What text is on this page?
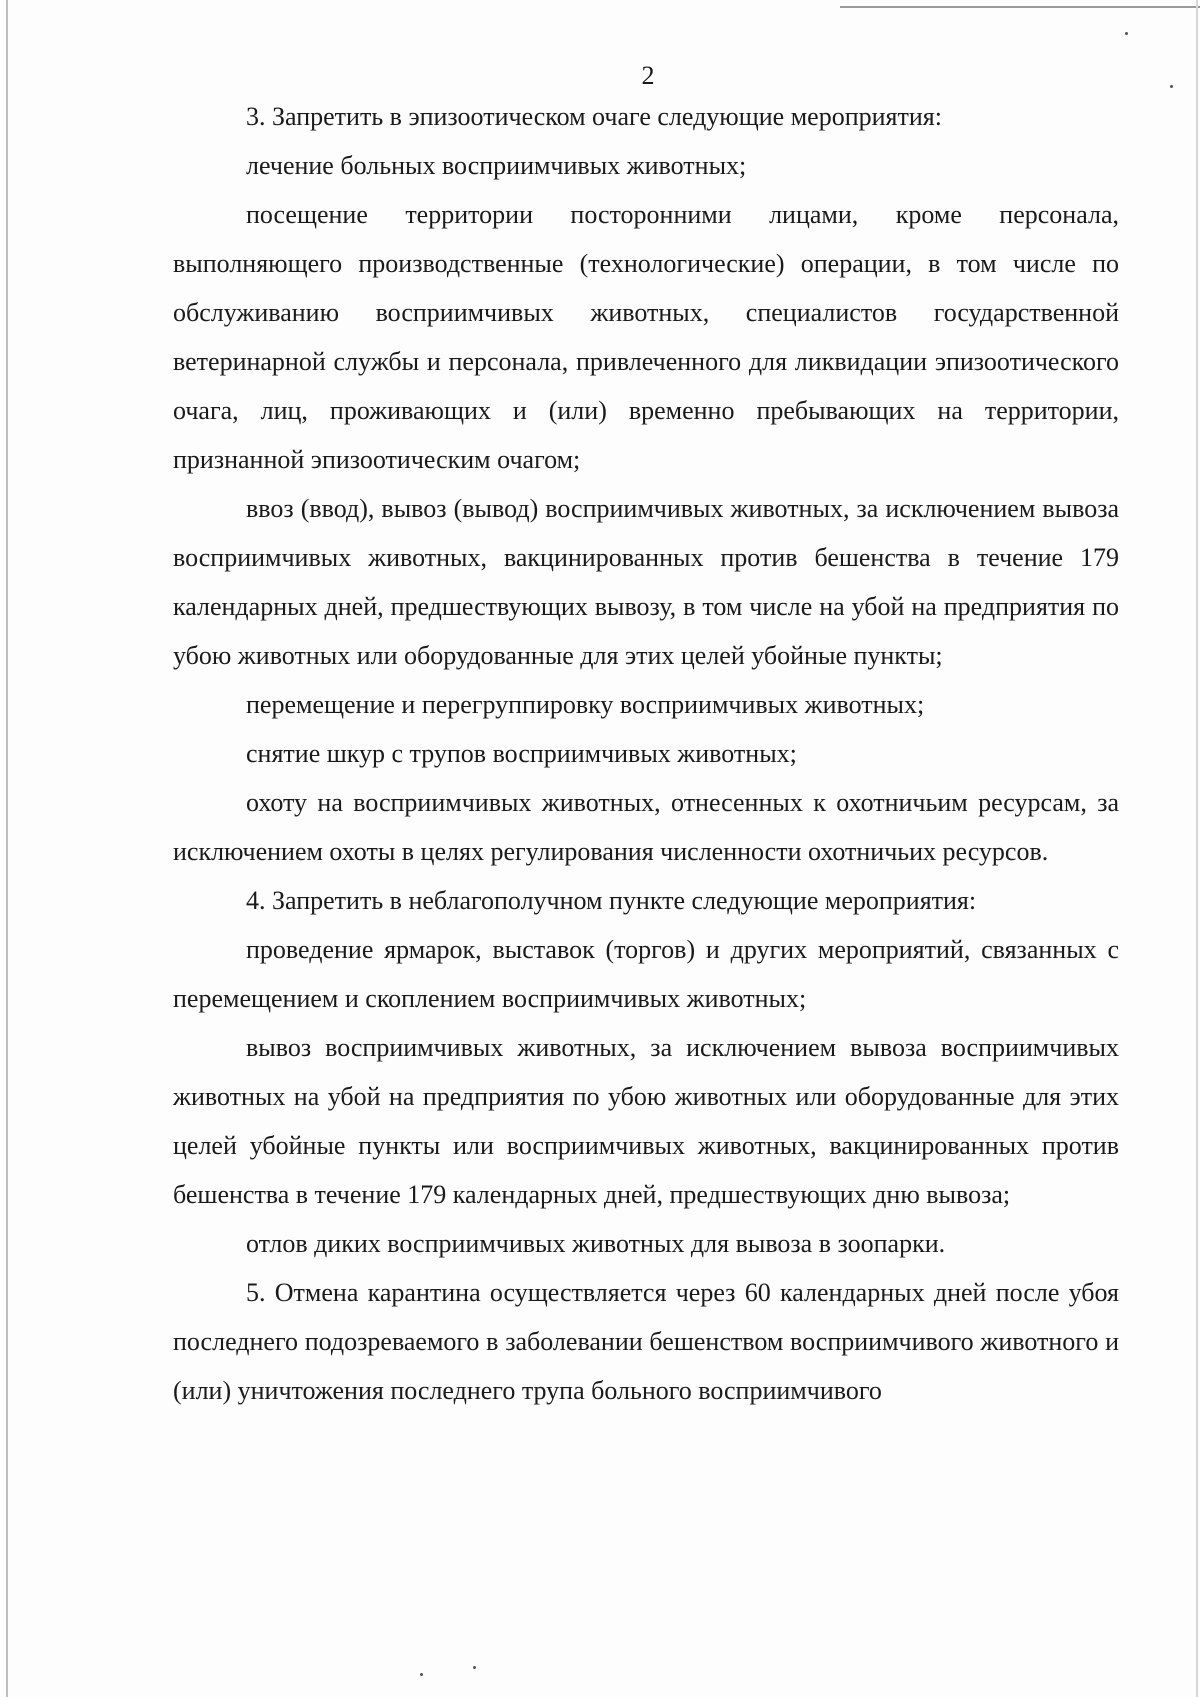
2

3. Запретить в эпизоотическом очаге следующие мероприятия:

лечение больных восприимчивых животных;

посещение территории посторонними лицами, кроме персонала, выполняющего производственные (технологические) операции, в том числе по обслуживанию восприимчивых животных, специалистов государственной ветеринарной службы и персонала, привлеченного для ликвидации эпизоотического очага, лиц, проживающих и (или) временно пребывающих на территории, признанной эпизоотическим очагом;

ввоз (ввод), вывоз (вывод) восприимчивых животных, за исключением вывоза восприимчивых животных, вакцинированных против бешенства в течение 179 календарных дней, предшествующих вывозу, в том числе на убой на предприятия по убою животных или оборудованные для этих целей убойные пункты;

перемещение и перегруппировку восприимчивых животных;

снятие шкур с трупов восприимчивых животных;

охоту на восприимчивых животных, отнесенных к охотничьим ресурсам, за исключением охоты в целях регулирования численности охотничьих ресурсов.

4. Запретить в неблагополучном пункте следующие мероприятия:

проведение ярмарок, выставок (торгов) и других мероприятий, связанных с перемещением и скоплением восприимчивых животных;

вывоз восприимчивых животных, за исключением вывоза восприимчивых животных на убой на предприятия по убою животных или оборудованные для этих целей убойные пункты или восприимчивых животных, вакцинированных против бешенства в течение 179 календарных дней, предшествующих дню вывоза;

отлов диких восприимчивых животных для вывоза в зоопарки.

5. Отмена карантина осуществляется через 60 календарных дней после убоя последнего подозреваемого в заболевании бешенством восприимчивого животного и (или) уничтожения последнего трупа больного восприимчивого
